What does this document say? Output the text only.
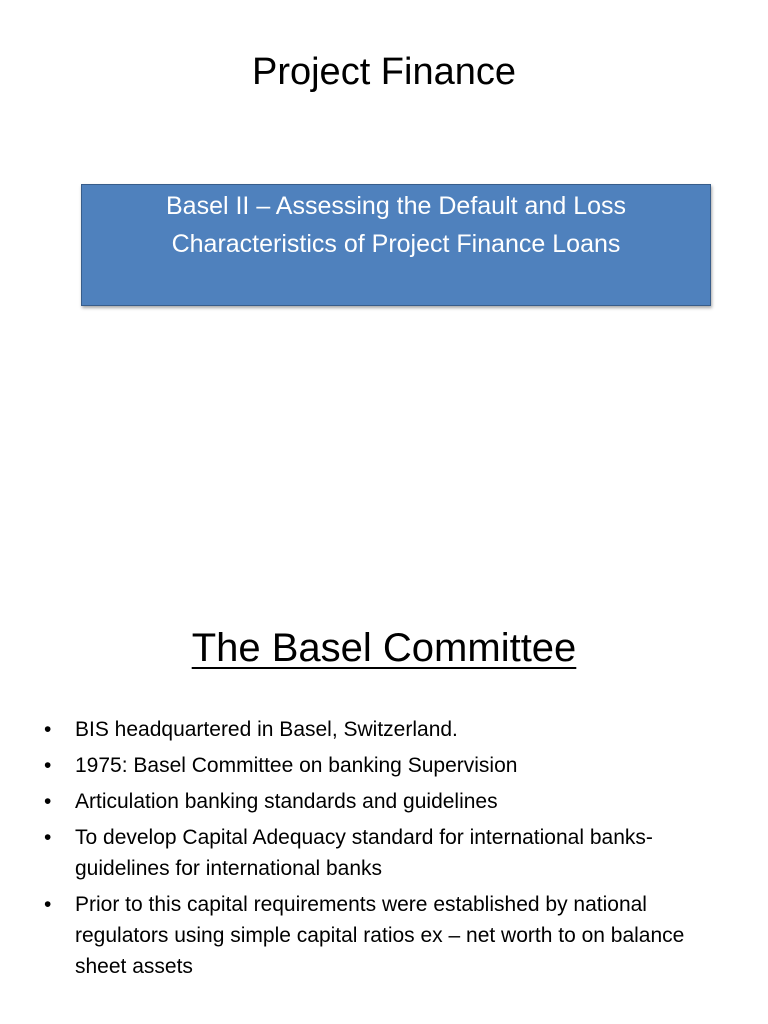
Project Finance
Basel II – Assessing the Default and Loss
Characteristics of Project Finance Loans
The Basel Committee
•	BIS headquartered in Basel, Switzerland.
•	1975: Basel Committee on banking Supervision
•	Articulation banking standards and guidelines
•	To develop Capital Adequacy standard for international banks- guidelines for international banks
•	Prior to this capital requirements were established by national regulators using simple capital ratios ex – net worth to on balance sheet assets
